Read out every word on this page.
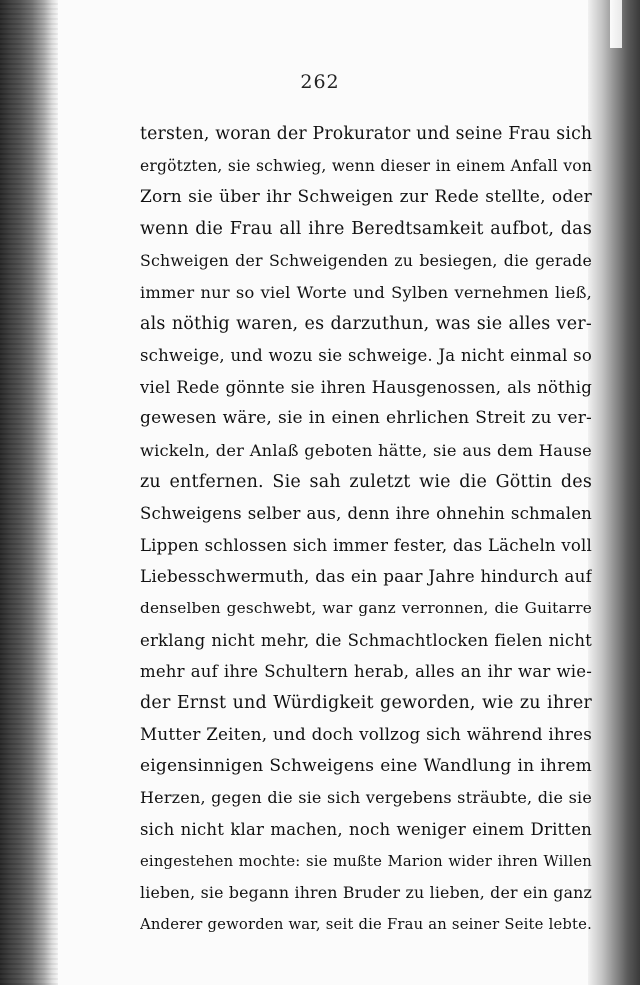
262
tersten, woran der Prokurator und seine Frau sich
ergötzten, sie schwieg, wenn dieser in einem Anfall von
Zorn sie über ihr Schweigen zur Rede stellte, oder
wenn die Frau all ihre Beredtsamkeit aufbot, das
Schweigen der Schweigenden zu besiegen, die gerade
immer nur so viel Worte und Sylben vernehmen ließ,
als nöthig waren, es darzuthun, was sie alles ver-
schweige, und wozu sie schweige. Ja nicht einmal so
viel Rede gönnte sie ihren Hausgenossen, als nöthig
gewesen wäre, sie in einen ehrlichen Streit zu ver-
wickeln, der Anlaß geboten hätte, sie aus dem Hause
zu entfernen. Sie sah zuletzt wie die Göttin des
Schweigens selber aus, denn ihre ohnehin schmalen
Lippen schlossen sich immer fester, das Lächeln voll
Liebesschwermuth, das ein paar Jahre hindurch auf
denselben geschwebt, war ganz verronnen, die Guitarre
erklang nicht mehr, die Schmachtlocken fielen nicht
mehr auf ihre Schultern herab, alles an ihr war wie-
der Ernst und Würdigkeit geworden, wie zu ihrer
Mutter Zeiten, und doch vollzog sich während ihres
eigensinnigen Schweigens eine Wandlung in ihrem
Herzen, gegen die sie sich vergebens sträubte, die sie
sich nicht klar machen, noch weniger einem Dritten
eingestehen mochte: sie mußte Marion wider ihren Willen
lieben, sie begann ihren Bruder zu lieben, der ein ganz
Anderer geworden war, seit die Frau an seiner Seite lebte.
